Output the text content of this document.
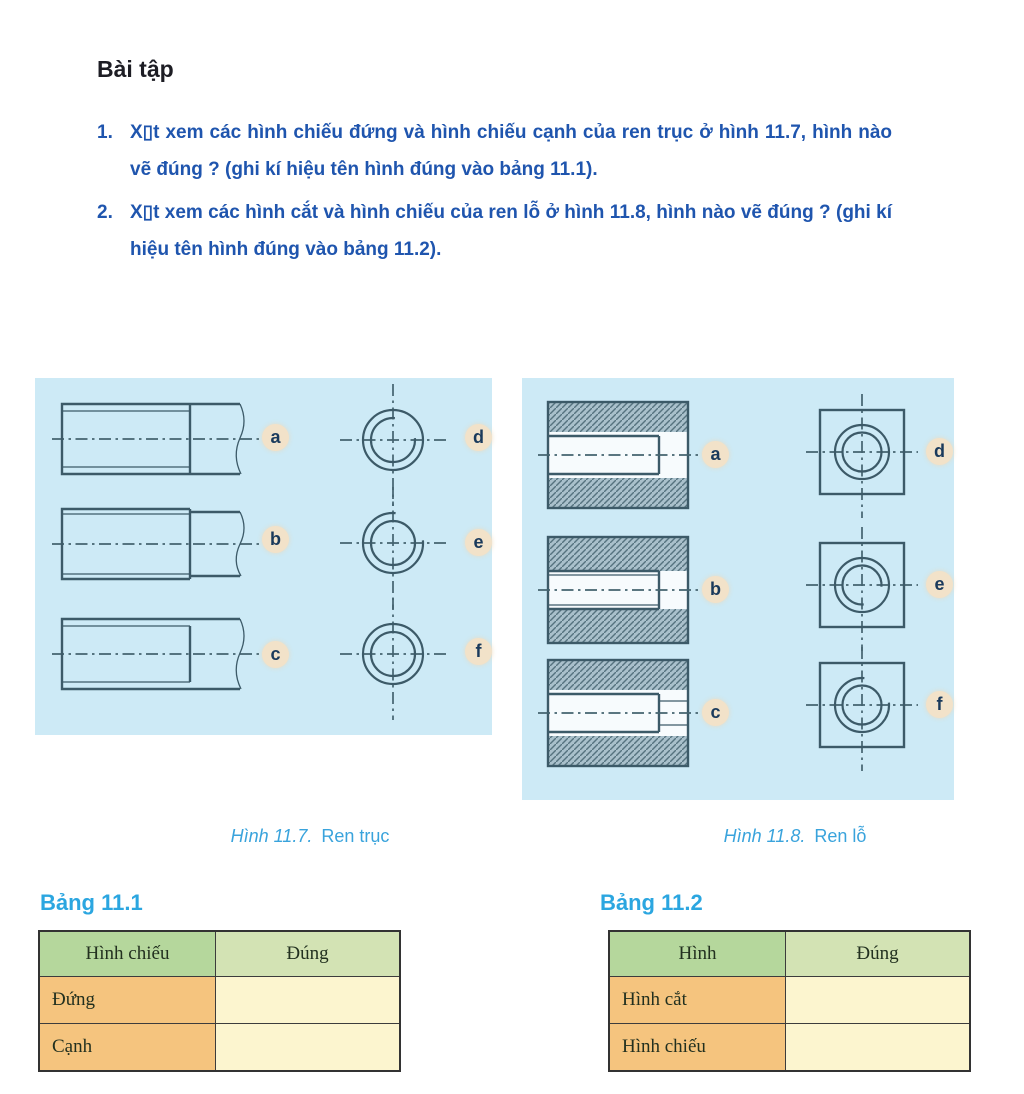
Bài tập
1. X▯t xem các hình chiếu đứng và hình chiếu cạnh của ren trục ở hình 11.7, hình nào vẽ đúng ? (ghi kí hiệu tên hình đúng vào bảng 11.1).
2. X▯t xem các hình cắt và hình chiếu của ren lỗ ở hình 11.8, hình nào vẽ đúng ? (ghi kí hiệu tên hình đúng vào bảng 11.2).
a
b
c
d
e
f
a
b
c
d
e
f
Hình 11.7. Ren trục	Hình 11.8. Ren lỗ
Bảng 11.1
Hình chiếu	Đúng
Đứng	
Cạnh	
Bảng 11.2
Hình	Đúng
Hình cắt	
Hình chiếu	
